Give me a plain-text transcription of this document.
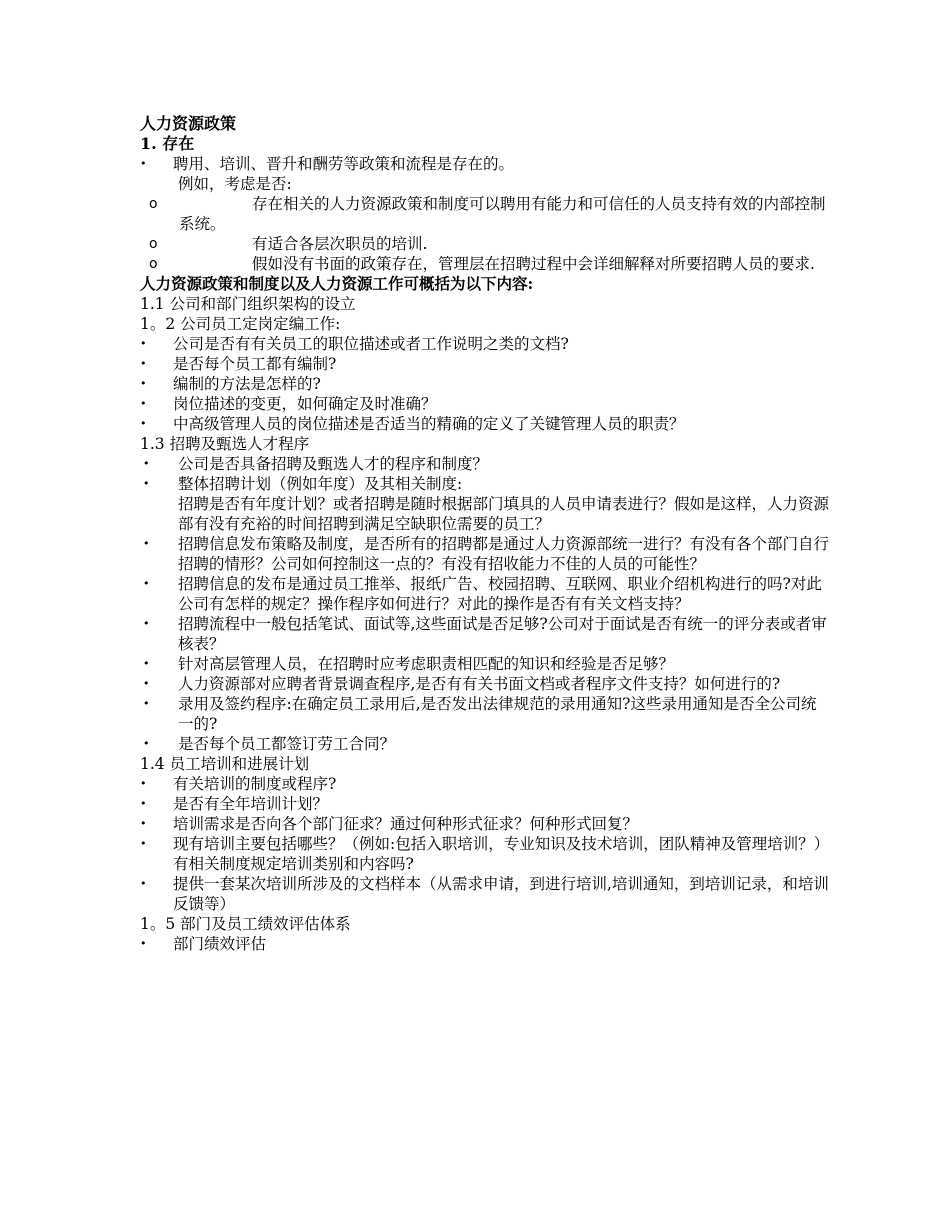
人力资源政策
1. 存在
• 聘用、培训、晋升和酬劳等政策和流程是存在的。
例如，考虑是否:
o	存在相关的人力资源政策和制度可以聘用有能力和可信任的人员支持有效的内部控制系统。
o	有适合各层次职员的培训.
o	假如没有书面的政策存在，管理层在招聘过程中会详细解释对所要招聘人员的要求.
人力资源政策和制度以及人力资源工作可概括为以下内容:
1.1 公司和部门组织架构的设立
1。2 公司员工定岗定编工作:
• 公司是否有有关员工的职位描述或者工作说明之类的文档?
• 是否每个员工都有编制?
• 编制的方法是怎样的?
• 岗位描述的变更，如何确定及时准确？
• 中高级管理人员的岗位描述是否适当的精确的定义了关键管理人员的职责？
1.3 招聘及甄选人才程序
• 公司是否具备招聘及甄选人才的程序和制度？
• 整体招聘计划（例如年度）及其相关制度:
招聘是否有年度计划？或者招聘是随时根据部门填具的人员申请表进行？假如是这样，人力资源部有没有充裕的时间招聘到满足空缺职位需要的员工？
• 招聘信息发布策略及制度，是否所有的招聘都是通过人力资源部统一进行？有没有各个部门自行招聘的情形？公司如何控制这一点的？有没有招收能力不佳的人员的可能性？
• 招聘信息的发布是通过员工推举、报纸广告、校园招聘、互联网、职业介绍机构进行的吗?对此公司有怎样的规定？操作程序如何进行？对此的操作是否有有关文档支持？
• 招聘流程中一般包括笔试、面试等,这些面试是否足够?公司对于面试是否有统一的评分表或者审核表？
• 针对高层管理人员，在招聘时应考虑职责相匹配的知识和经验是否足够？
• 人力资源部对应聘者背景调查程序,是否有有关书面文档或者程序文件支持？如何进行的?
• 录用及签约程序:在确定员工录用后,是否发出法律规范的录用通知?这些录用通知是否全公司统一的?
• 是否每个员工都签订劳工合同？
1.4 员工培训和进展计划
• 有关培训的制度或程序?
• 是否有全年培训计划？
• 培训需求是否向各个部门征求？通过何种形式征求？何种形式回复？
• 现有培训主要包括哪些？（例如:包括入职培训，专业知识及技术培训，团队精神及管理培训？）有相关制度规定培训类别和内容吗?
• 提供一套某次培训所涉及的文档样本（从需求申请，到进行培训,培训通知，到培训记录，和培训反馈等）
1。5 部门及员工绩效评估体系
• 部门绩效评估
